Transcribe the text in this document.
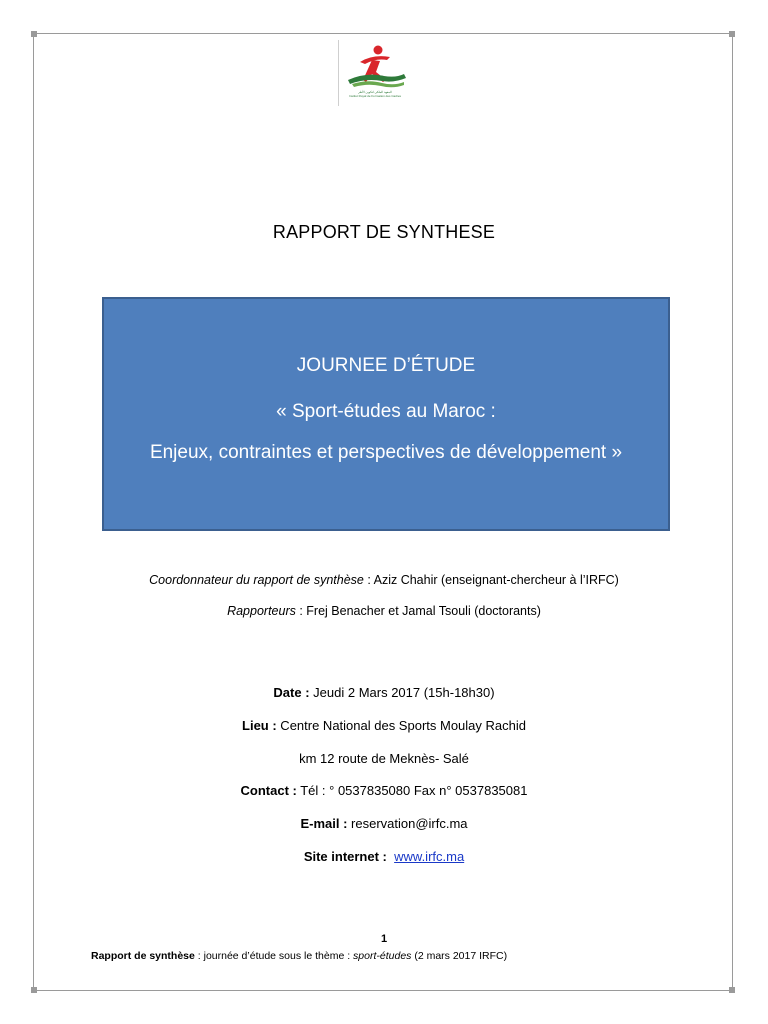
المعهد الملكي لتكوين الأطر
Institut Royal de Formation des Cadres
RAPPORT DE SYNTHESE
JOURNEE D’ÉTUDE
« Sport-études au Maroc :
Enjeux, contraintes et perspectives de développement »
Coordonnateur du rapport de synthèse : Aziz Chahir (enseignant-chercheur à l’IRFC)
Rapporteurs : Frej Benacher et Jamal Tsouli (doctorants)
Date : Jeudi 2 Mars 2017 (15h-18h30)
Lieu : Centre National des Sports Moulay Rachid
km 12 route de Meknès- Salé
Contact : Tél : ° 0537835080 Fax n° 0537835081
E-mail : reservation@irfc.ma
Site internet : www.irfc.ma
1
Rapport de synthèse : journée d’étude sous le thème : sport-études (2 mars 2017 IRFC)
